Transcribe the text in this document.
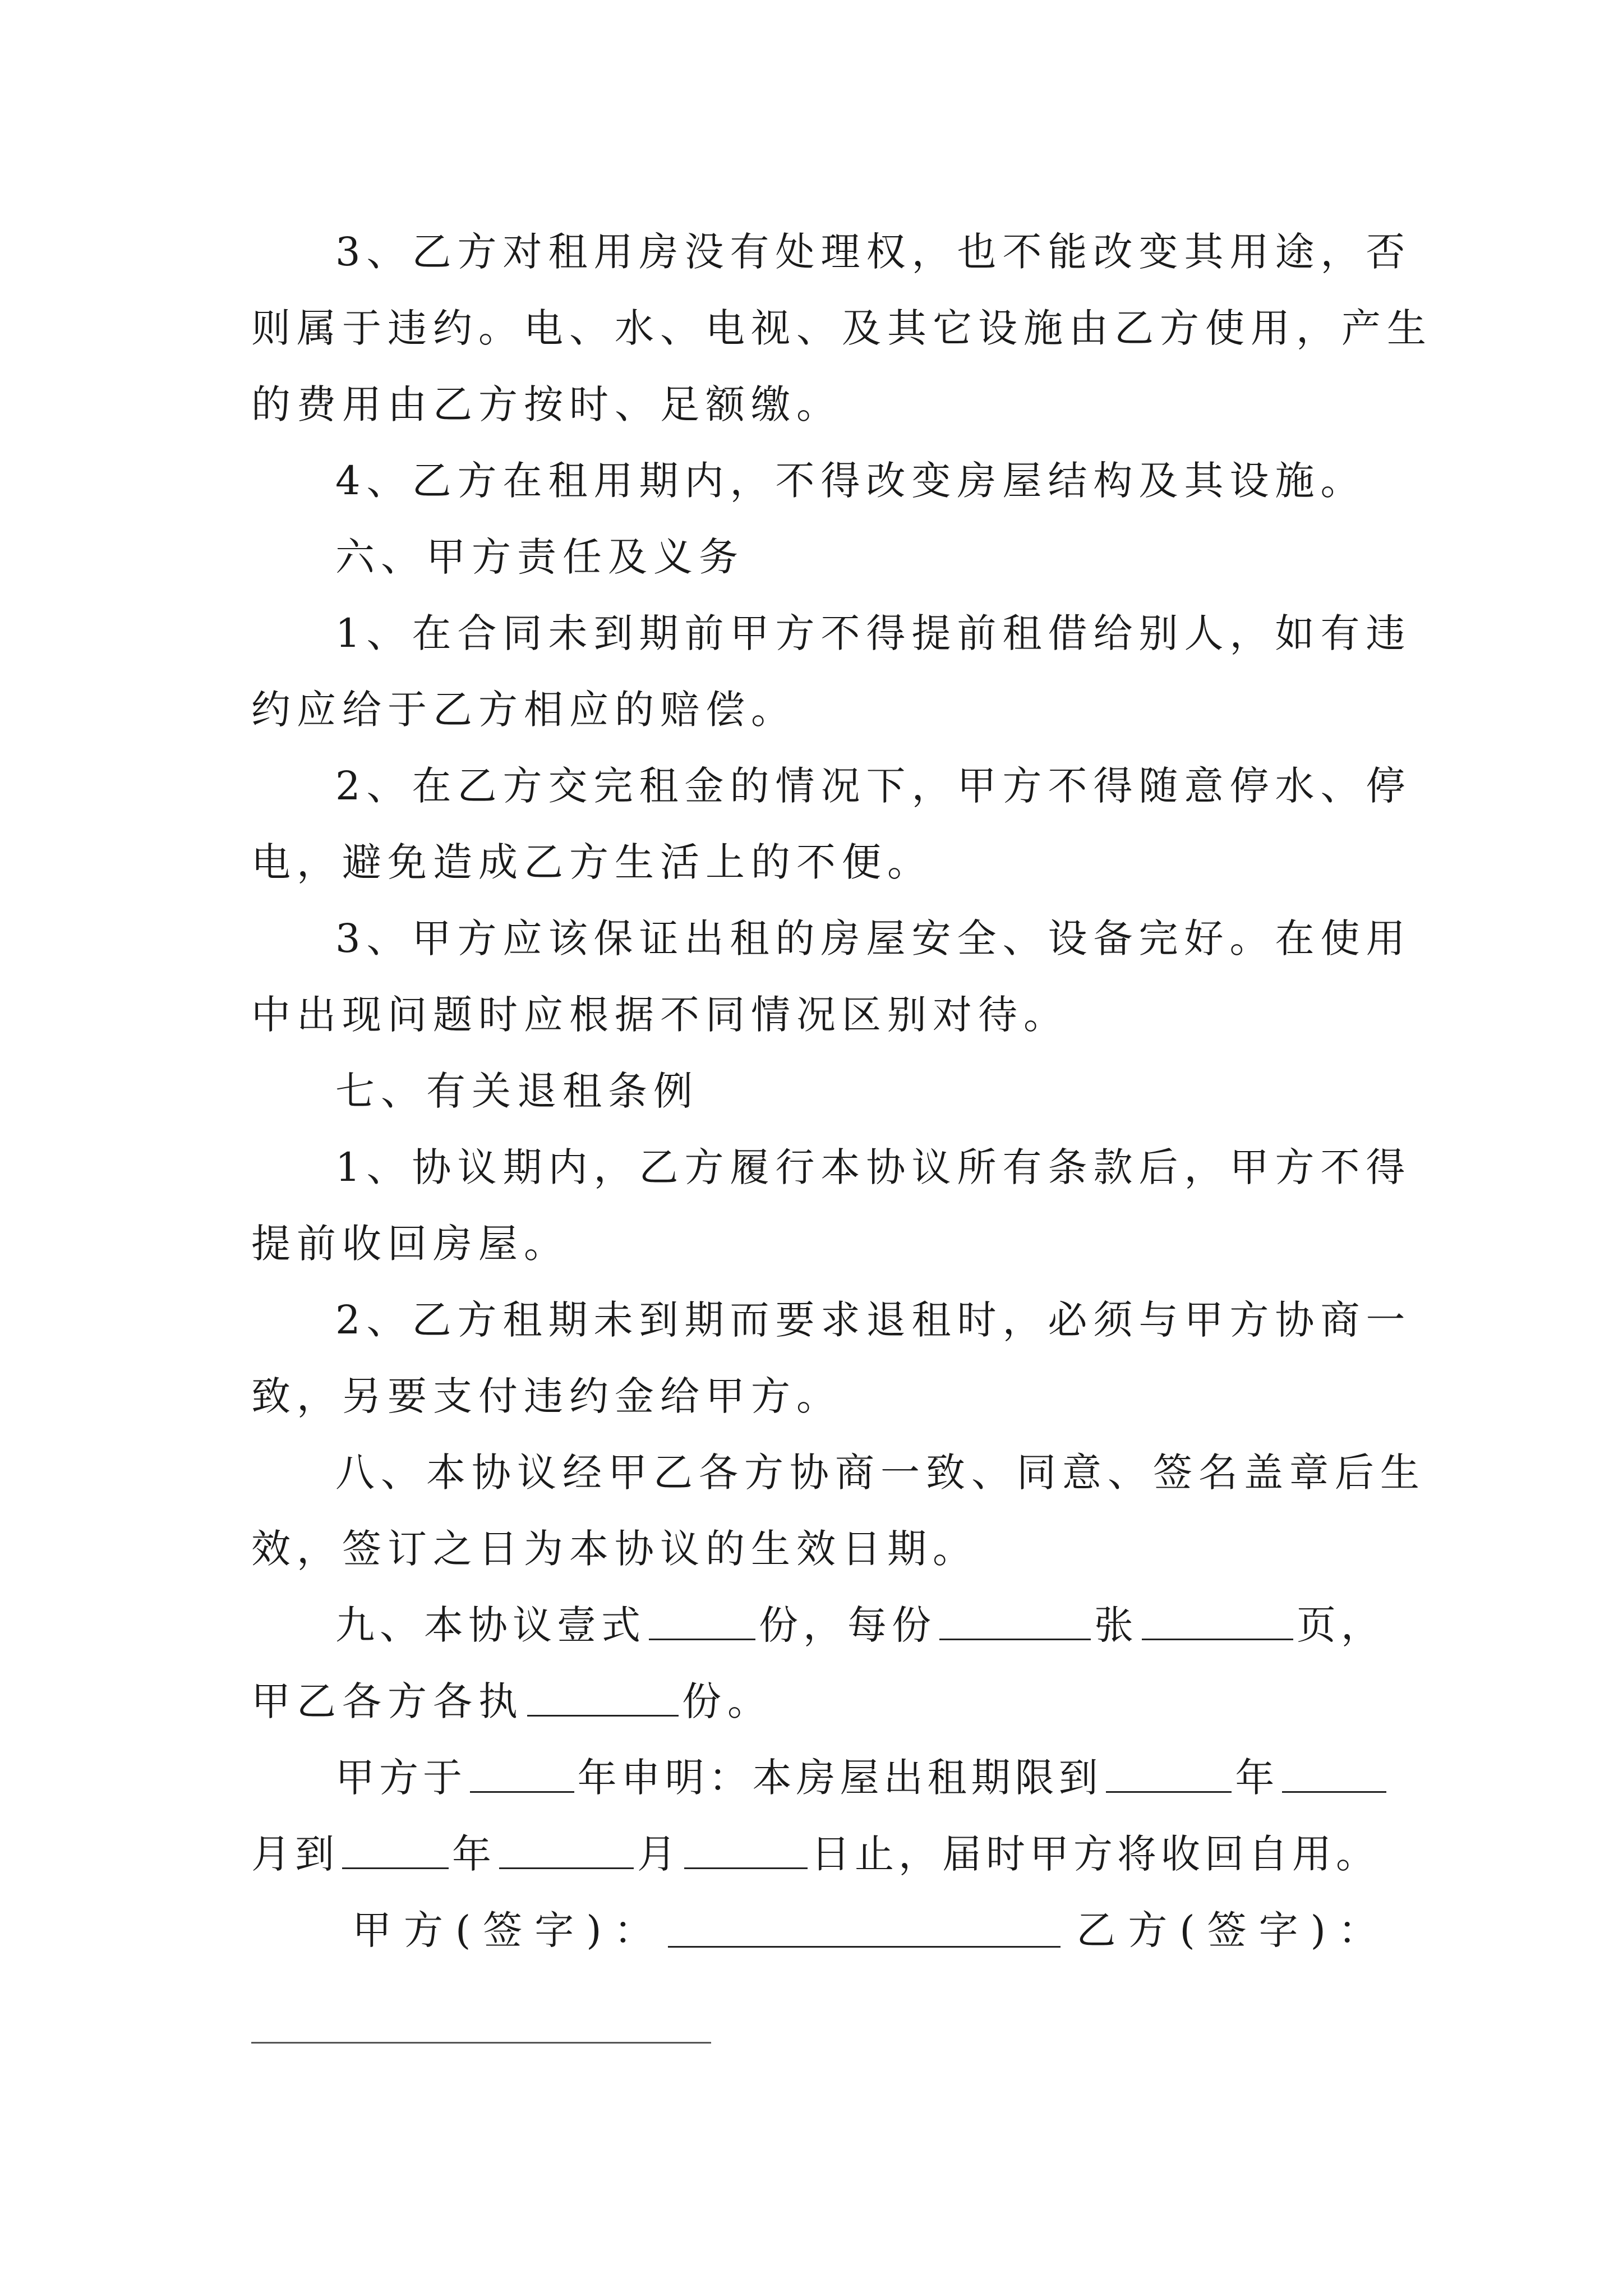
3、乙方对租用房没有处理权，也不能改变其用途，否
则属于违约。电、水、电视、及其它设施由乙方使用，产生
的费用由乙方按时、足额缴。
4、乙方在租用期内，不得改变房屋结构及其设施。
六、甲方责任及义务
1、在合同未到期前甲方不得提前租借给别人，如有违
约应给于乙方相应的赔偿。
2、在乙方交完租金的情况下，甲方不得随意停水、停
电，避免造成乙方生活上的不便。
3、甲方应该保证出租的房屋安全、设备完好。在使用
中出现问题时应根据不同情况区别对待。
七、有关退租条例
1、协议期内，乙方履行本协议所有条款后，甲方不得
提前收回房屋。
2、乙方租期未到期而要求退租时，必须与甲方协商一
致，另要支付违约金给甲方。
八、本协议经甲乙各方协商一致、同意、签名盖章后生
效，签订之日为本协议的生效日期。
九、本协议壹式	份，每份	张	页，
甲乙各方各执	份。
甲方于	年申明：本房屋出租期限到	年
月到	年	月	日止，届时甲方将收回自用。
甲方(签字)：	乙方(签字)：
